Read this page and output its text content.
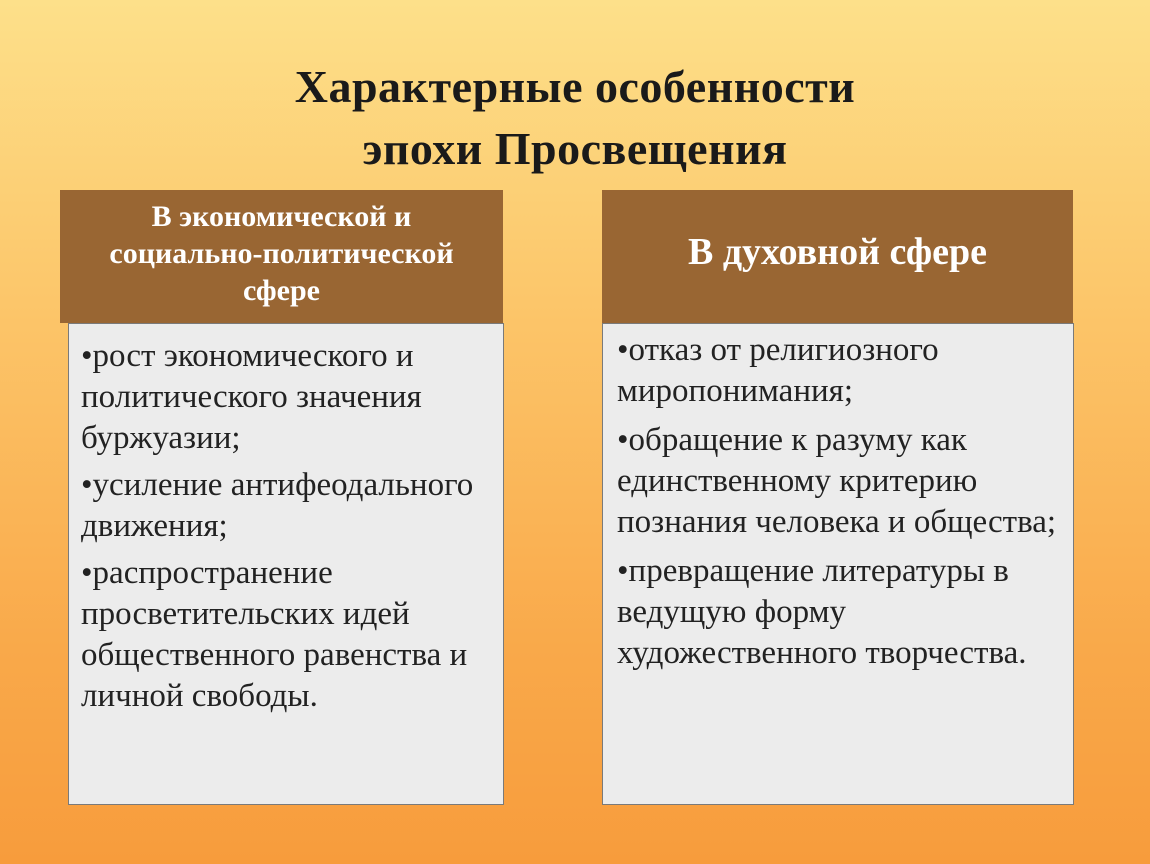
Характерные особенности
эпохи Просвещения
В экономической и социально-политической сфере
•рост экономического и политического значения буржуазии;
•усиление антифеодального движения;
•распространение просветительских идей общественного равенства и личной свободы.
В духовной сфере
•отказ от религиозного миропонимания;
•обращение к разуму как единственному критерию познания человека и общества;
•превращение литературы в ведущую форму художественного творчества.
